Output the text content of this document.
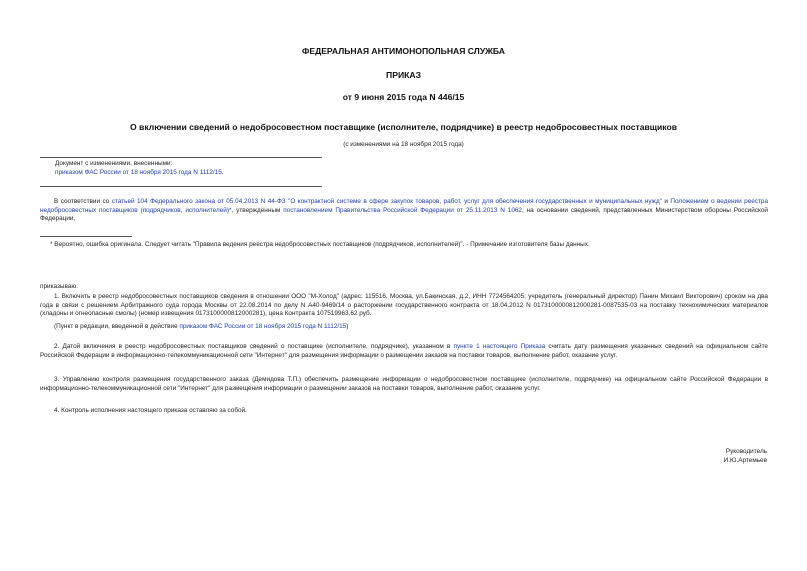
ФЕДЕРАЛЬНАЯ АНТИМОНОПОЛЬНАЯ СЛУЖБА
ПРИКАЗ
от 9 июня 2015 года N 446/15
О включении сведений о недобросовестном поставщике (исполнителе, подрядчике) в реестр недобросовестных поставщиков
(с изменениями на 18 ноября 2015 года)
Документ с изменениями, внесенными:
приказом ФАС России от 18 ноября 2015 года N 1112/15.
В соответствии со статьей 104 Федерального закона от 05.04.2013 N 44-ФЗ "О контрактной системе в сфере закупок товаров, работ, услуг для обеспечения государственных и муниципальных нужд" и Положением о ведении реестра недобросовестных поставщиков (подрядчиков, исполнителей)*, утвержденным постановлением Правительства Российской Федерации от 25.11.2013 N 1062, на основании сведений, представленных Министерством обороны Российской Федерации,
* Вероятно, ошибка оригинала. Следует читать "Правила ведения реестра недобросовестных поставщиков (подрядчиков, исполнителей)". - Примечание изготовителя базы данных.
приказываю:
1. Включить в реестр недобросовестных поставщиков сведения в отношении ООО "М-Холод" (адрес: 115516, Москва, ул.Бакинская, д.2, ИНН 7724564205; учредитель (генеральный директор) Панин Михаил Викторович) сроком на два года в связи с решением Арбитражного суда города Москвы от 22.08.2014 по делу N А40-9469/14 о расторжении государственного контракта от 18.04.2012 N 0173100000812000281-0087535-03 на поставку технохимических материалов (хладоны и огнеопасные смолы) (номер извещения 0173100000812000281), цена Контракта 107519963,62 руб.
(Пункт в редакции, введенной в действие приказом ФАС России от 18 ноября 2015 года N 1112/15)
2. Датой включения в реестр недобросовестных поставщиков сведений о поставщике (исполнителе, подрядчике), указанном в пункте 1 настоящего Приказа считать дату размещения указанных сведений на официальном сайте Российской Федерации в информационно-телекоммуникационной сети "Интернет" для размещения информации о размещении заказов на поставки товаров, выполнение работ, оказание услуг.
3. Управлению контроля размещения государственного заказа (Демидова Т.П.) обеспечить размещение информации о недобросовестном поставщике (исполнителе, подрядчике) на официальном сайте Российской Федерации в информационно-телекоммуникационной сети "Интернет" для размещения информации о размещении заказов на поставки товаров, выполнение работ, оказание услуг.
4. Контроль исполнения настоящего приказа оставляю за собой.
Руководитель
И.Ю.Артемьев
